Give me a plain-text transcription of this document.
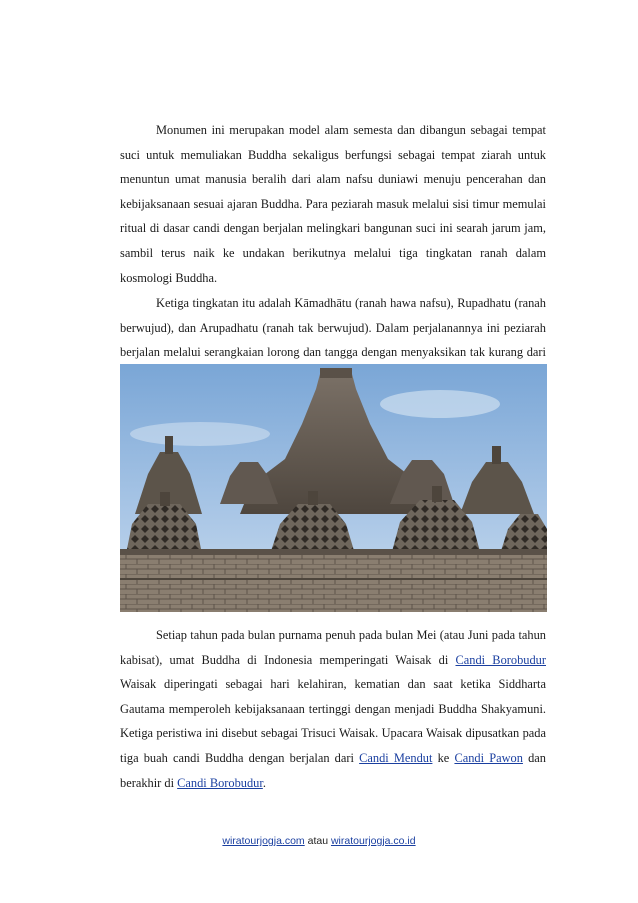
Monumen ini merupakan model alam semesta dan dibangun sebagai tempat suci untuk memuliakan Buddha sekaligus berfungsi sebagai tempat ziarah untuk menuntun umat manusia beralih dari alam nafsu duniawi menuju pencerahan dan kebijaksanaan sesuai ajaran Buddha. Para peziarah masuk melalui sisi timur memulai ritual di dasar candi dengan berjalan melingkari bangunan suci ini searah jarum jam, sambil terus naik ke undakan berikutnya melalui tiga tingkatan ranah dalam kosmologi Buddha.

Ketiga tingkatan itu adalah Kāmadhātu (ranah hawa nafsu), Rupadhatu (ranah berwujud), dan Arupadhatu (ranah tak berwujud). Dalam perjalanannya ini peziarah berjalan melalui serangkaian lorong dan tangga dengan menyaksikan tak kurang dari

Setiap tahun pada bulan purnama penuh pada bulan Mei (atau Juni pada tahun kabisat), umat Buddha di Indonesia memperingati Waisak di Candi Borobudur Waisak diperingati sebagai hari kelahiran, kematian dan saat ketika Siddharta Gautama memperoleh kebijaksanaan tertinggi dengan menjadi Buddha Shakyamuni. Ketiga peristiwa ini disebut sebagai Trisuci Waisak. Upacara Waisak dipusatkan pada tiga buah candi Buddha dengan berjalan dari Candi Mendut ke Candi Pawon dan berakhir di Candi Borobudur.

wiratourjogja.com atau wiratourjogja.co.id
